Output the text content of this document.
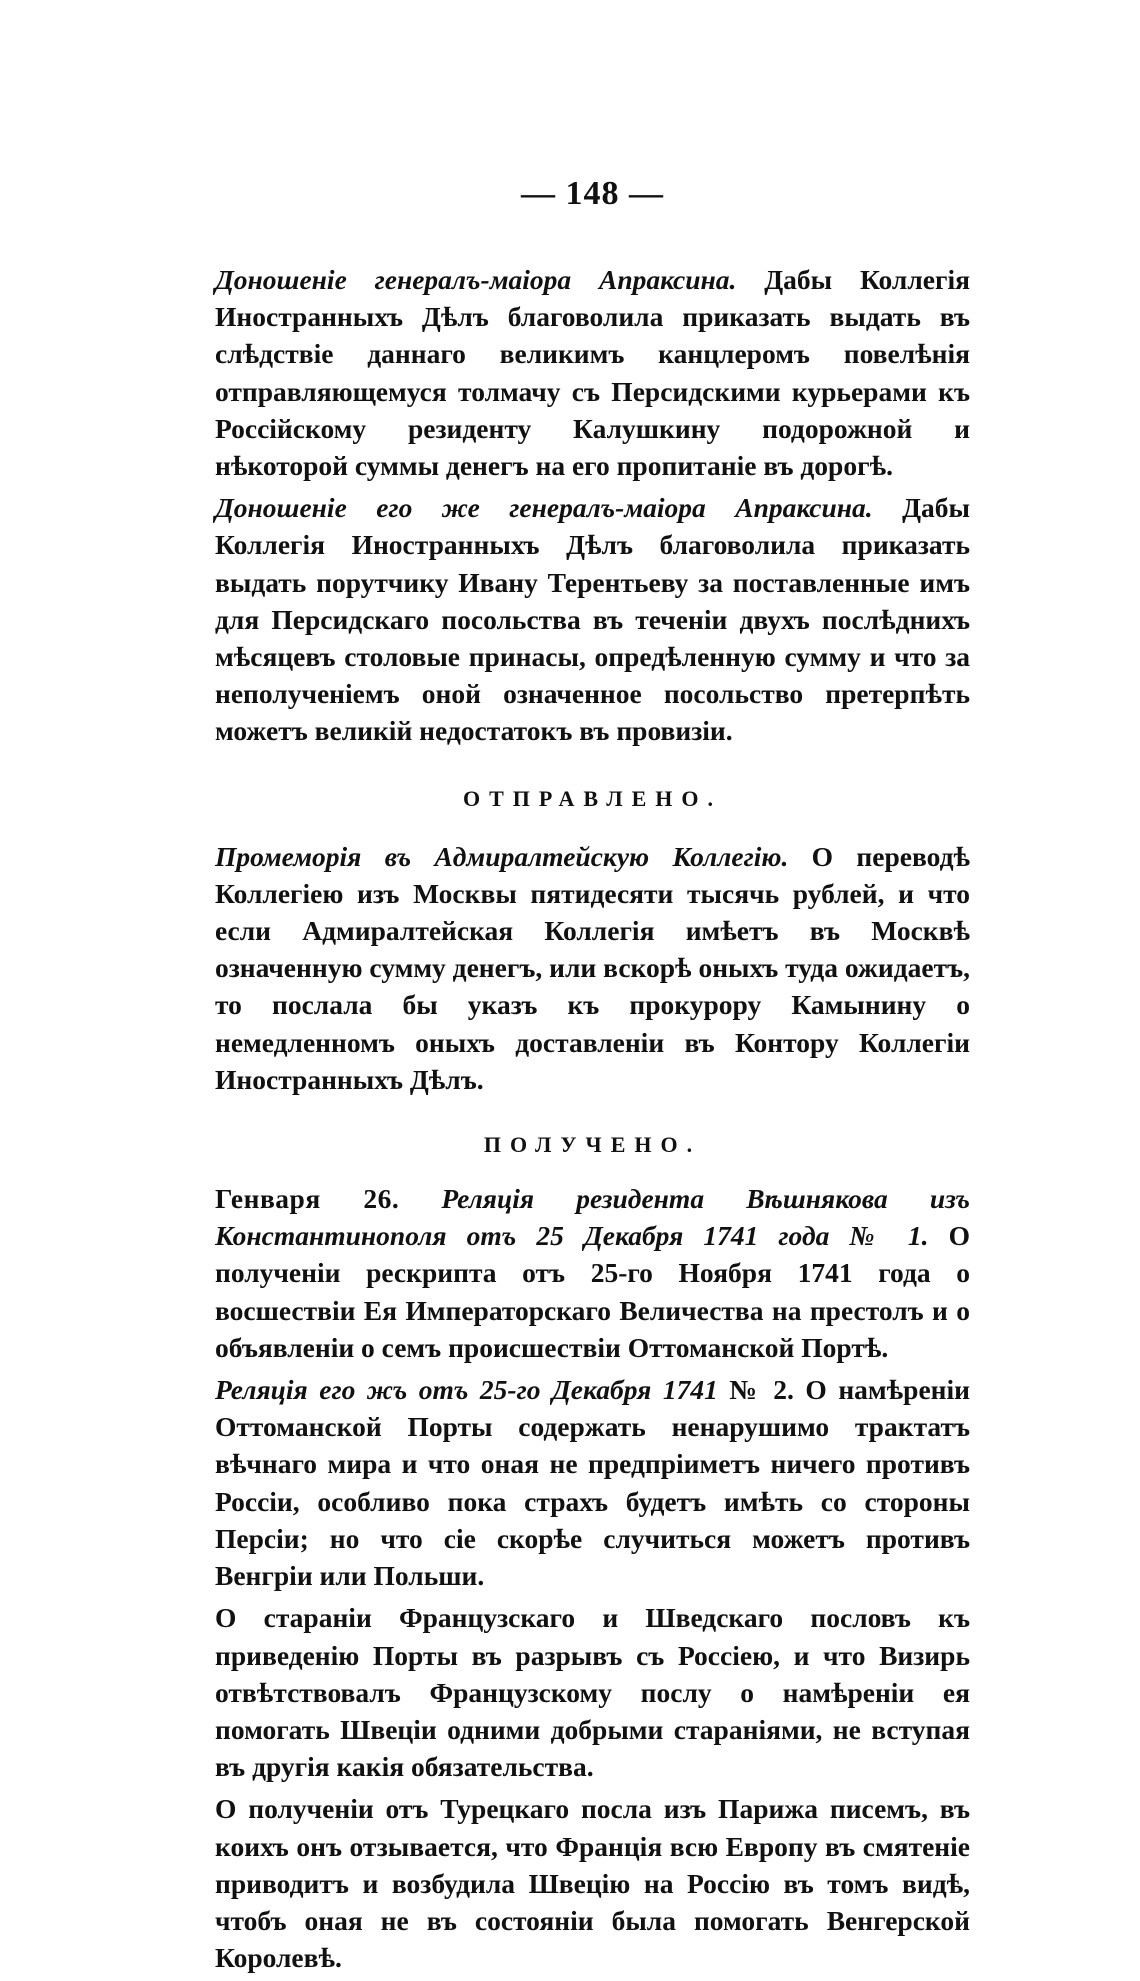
— 148 —

Доношеніе генералъ-маіора Апраксина. Дабы Коллегія Иностранныхъ Дѣлъ благоволила приказать выдать въ слѣдствіе даннаго великимъ канцлеромъ повелѣнія отправляющемуся толмачу съ Персидскими курьерами къ Россійскому резиденту Калушкину подорожной и нѣкоторой суммы денегъ на его пропитаніе въ дорогѣ.

Доношеніе его же генералъ-маіора Апраксина. Дабы Коллегія Иностранныхъ Дѣлъ благоволила приказать выдать порутчику Ивану Терентьеву за поставленные имъ для Персидскаго посольства въ теченіи двухъ послѣднихъ мѣсяцевъ столовые принасы, опредѣленную сумму и что за неполученіемъ оной означенное посольство претерпѣть можетъ великій недостатокъ въ провизіи.

ОТПРАВЛЕНО.

Промеморія въ Адмиралтейскую Коллегію. О переводѣ Коллегіею изъ Москвы пятидесяти тысячь рублей, и что если Адмиралтейская Коллегія имѣетъ въ Москвѣ означенную сумму денегъ, или вскорѣ оныхъ туда ожидаетъ, то послала бы указъ къ прокурору Камынину о немедленномъ оныхъ доставленіи въ Контору Коллегіи Иностранныхъ Дѣлъ.

ПОЛУЧЕНО.

Генваря 26. Реляція резидента Вѣшнякова изъ Константинополя отъ 25 Декабря 1741 года № 1. О полученіи рескрипта отъ 25-го Ноября 1741 года о восшествіи Ея Императорскаго Величества на престолъ и о объявленіи о семъ происшествіи Оттоманской Портѣ.

Реляція его жъ отъ 25-го Декабря 1741 № 2. О намѣреніи Оттоманской Порты содержать ненарушимо трактатъ вѣчнаго мира и что оная не предпріиметъ ничего противъ Россіи, особливо пока страхъ будетъ имѣть со стороны Персіи; но что сіе скорѣе случиться можетъ противъ Венгріи или Польши.

О стараніи Французскаго и Шведскаго пословъ къ приведенію Порты въ разрывъ съ Россіею, и что Визирь отвѣтствовалъ Французскому послу о намѣреніи ея помогать Швеціи одними добрыми стараніями, не вступая въ другія какія обязательства.

О полученіи отъ Турецкаго посла изъ Парижа писемъ, въ коихъ онъ отзывается, что Франція всю Европу въ смятеніе приводитъ и возбудила Швецію на Россію въ томъ видѣ, чтобъ оная не въ состояніи была помогать Венгерской Королевѣ.
